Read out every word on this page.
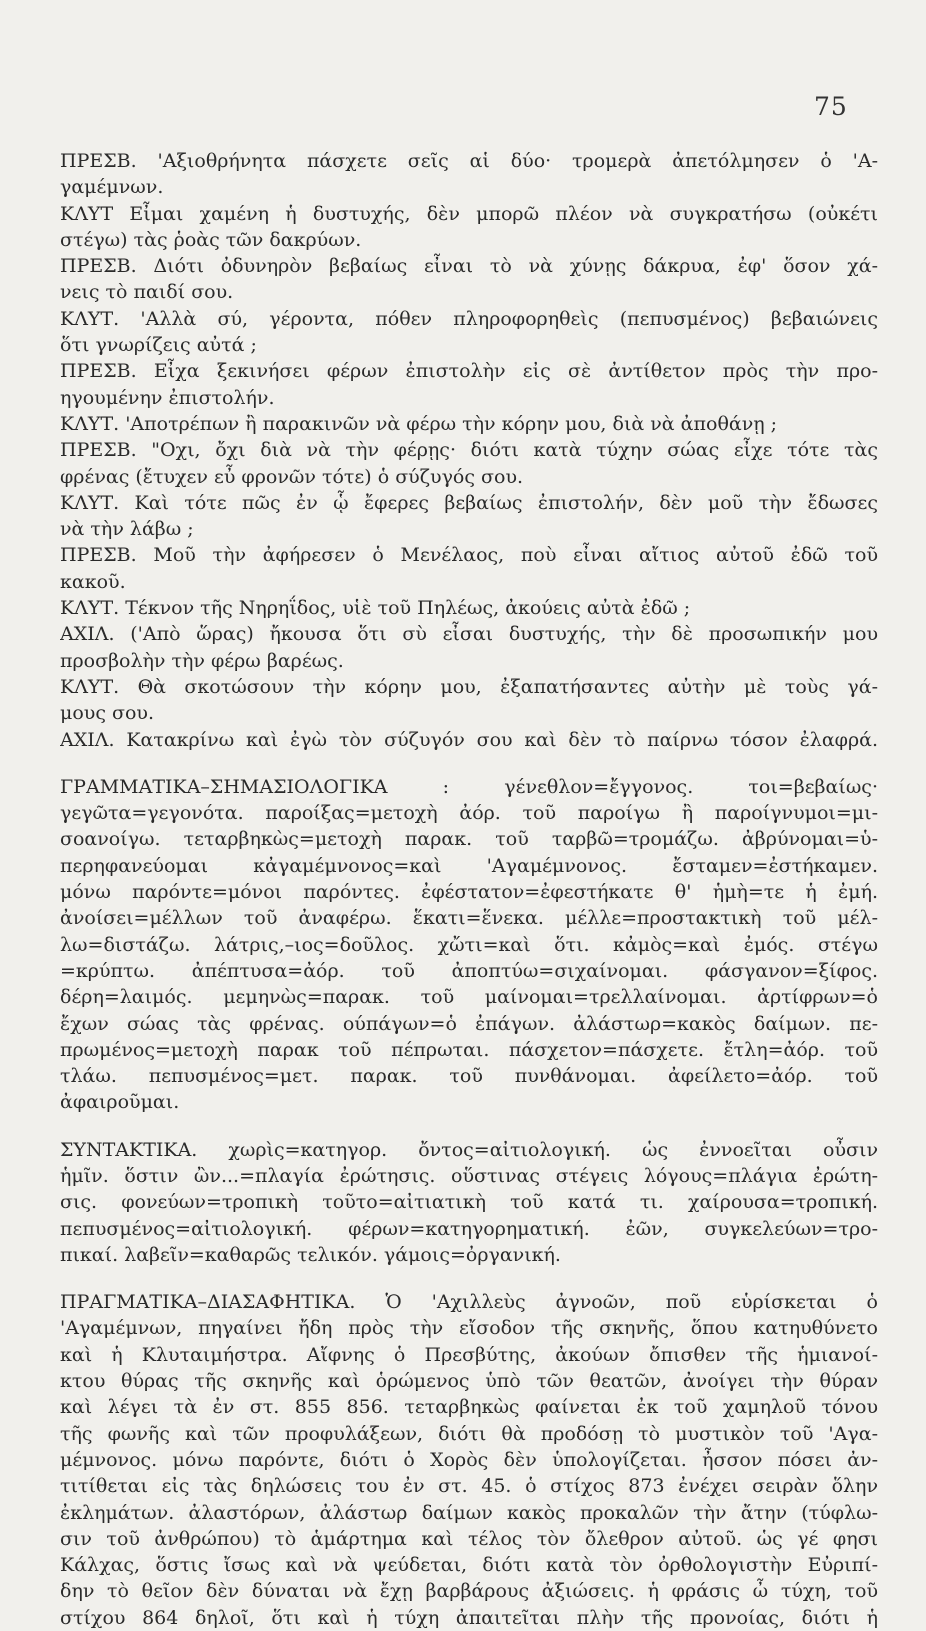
75
ΠΡΕΣΒ. 'Αξιοθρήνητα πάσχετε σεῖς αἱ δύο· τρομερὰ ἀπετόλμησεν ὁ 'Α-
γαμέμνων.
ΚΛΥΤ Εἶμαι χαμένη ἡ δυστυχής, δὲν μπορῶ πλέον νὰ συγκρατήσω (οὐκέτι
στέγω) τὰς ῥοὰς τῶν δακρύων.
ΠΡΕΣΒ. Διότι ὀδυνηρὸν βεβαίως εἶναι τὸ νὰ χύνῃς δάκρυα, ἐφ' ὅσον χά-
νεις τὸ παιδί σου.
ΚΛΥΤ. 'Αλλὰ σύ, γέροντα, πόθεν πληροφορηθεὶς (πεπυσμένος) βεβαιώνεις
ὅτι γνωρίζεις αὐτά ;
ΠΡΕΣΒ. Εἶχα ξεκινήσει φέρων ἐπιστολὴν εἰς σὲ ἀντίθετον πρὸς τὴν προ-
ηγουμένην ἐπιστολήν.
ΚΛΥΤ. 'Αποτρέπων ἢ παρακινῶν νὰ φέρω τὴν κόρην μου, διὰ νὰ ἀποθάνῃ ;
ΠΡΕΣΒ. "Οχι, ὄχι διὰ νὰ τὴν φέρῃς· διότι κατὰ τύχην σώας εἶχε τότε τὰς
φρένας (ἔτυχεν εὖ φρονῶν τότε) ὁ σύζυγός σου.
ΚΛΥΤ. Καὶ τότε πῶς ἐν ᾧ ἔφερες βεβαίως ἐπιστολήν, δὲν μοῦ τὴν ἔδωσες
νὰ τὴν λάβω ;
ΠΡΕΣΒ. Μοῦ τὴν ἀφήρεσεν ὁ Μενέλαος, ποὺ εἶναι αἴτιος αὐτοῦ ἐδῶ τοῦ
κακοῦ.
ΚΛΥΤ. Τέκνον τῆς Νηρηΐδος, υἱὲ τοῦ Πηλέως, ἀκούεις αὐτὰ ἐδῶ ;
ΑΧΙΛ. ('Απὸ ὥρας) ἤκουσα ὅτι σὺ εἶσαι δυστυχής, τὴν δὲ προσωπικήν μου
προσβολὴν τὴν φέρω βαρέως.
ΚΛΥΤ. Θὰ σκοτώσουν τὴν κόρην μου, ἐξαπατήσαντες αὐτὴν μὲ τοὺς γά-
μους σου.
ΑΧΙΛ. Κατακρίνω καὶ ἐγὼ τὸν σύζυγόν σου καὶ δὲν τὸ παίρνω τόσον ἐλαφρά.
ΓΡΑΜΜΑΤΙΚΑ–ΣΗΜΑΣΙΟΛΟΓΙΚΑ : γένεθλον=ἔγγονος. τοι=βεβαίως·
γεγῶτα=γεγονότα. παροίξας=μετοχὴ ἀόρ. τοῦ παροίγω ἢ παροίγνυμοι=μι-
σοανοίγω. τεταρβηκὼς=μετοχὴ παρακ. τοῦ ταρβῶ=τρομάζω. ἀβρύνομαι=ὑ-
περηφανεύομαι κἀγαμέμνονος=καὶ 'Αγαμέμνονος. ἔσταμεν=ἐστήκαμεν.
μόνω παρόντε=μόνοι παρόντες. ἐφέστατον=ἐφεστήκατε θ' ἡμὴ=τε ἡ ἐμή.
ἀνοίσει=μέλλων τοῦ ἀναφέρω. ἕκατι=ἕνεκα. μέλλε=προστακτικὴ τοῦ μέλ-
λω=διστάζω. λάτρις,–ιος=δοῦλος. χὤτι=καὶ ὅτι. κἀμὸς=καὶ ἐμός. στέγω
=κρύπτω. ἀπέπτυσα=ἀόρ. τοῦ ἀποπτύω=σιχαίνομαι. φάσγανον=ξίφος.
δέρη=λαιμός. μεμηνὼς=παρακ. τοῦ μαίνομαι=τρελλαίνομαι. ἀρτίφρων=ὁ
ἔχων σώας τὰς φρένας. ούπάγων=ὁ ἐπάγων. ἀλάστωρ=κακὸς δαίμων. πε-
πρωμένος=μετοχὴ παρακ τοῦ πέπρωται. πάσχετον=πάσχετε. ἔτλη=ἀόρ. τοῦ
τλάω. πεπυσμένος=μετ. παρακ. τοῦ πυνθάνομαι. ἀφείλετο=ἀόρ. τοῦ
ἀφαιροῦμαι.
ΣΥΝΤΑΚΤΙΚΑ. χωρὶς=κατηγορ. ὄντος=αἰτιολογική. ὡς ἐννοεῖται οὖσιν
ἡμῖν. ὅστιν ὢν...=πλαγία ἐρώτησις. οὕστινας στέγεις λόγους=πλάγια ἐρώτη-
σις. φονεύων=τροπικὴ τοῦτο=αἰτιατικὴ τοῦ κατά τι. χαίρουσα=τροπική.
πεπυσμένος=αἰτιολογική. φέρων=κατηγορηματική. ἐῶν, συγκελεύων=τρο-
πικαί. λαβεῖν=καθαρῶς τελικόν. γάμοις=ὀργανική.
ΠΡΑΓΜΑΤΙΚΑ–ΔΙΑΣΑΦΗΤΙΚΑ. Ὁ 'Αχιλλεὺς ἀγνοῶν, ποῦ εὑρίσκεται ὁ
'Αγαμέμνων, πηγαίνει ἤδη πρὸς τὴν εἴσοδον τῆς σκηνῆς, ὅπου κατηυθύνετο
καὶ ἡ Κλυταιμήστρα. Αἴφνης ὁ Πρεσβύτης, ἀκούων ὄπισθεν τῆς ἡμιανοί-
κτου θύρας τῆς σκηνῆς καὶ ὁρώμενος ὑπὸ τῶν θεατῶν, ἀνοίγει τὴν θύραν
καὶ λέγει τὰ ἐν στ. 855 856. τεταρβηκὼς φαίνεται ἐκ τοῦ χαμηλοῦ τόνου
τῆς φωνῆς καὶ τῶν προφυλάξεων, διότι θὰ προδόσῃ τὸ μυστικὸν τοῦ 'Αγα-
μέμνονος. μόνω παρόντε, διότι ὁ Χορὸς δὲν ὑπολογίζεται. ἦσσον πόσει ἀν-
τιτίθεται εἰς τὰς δηλώσεις του ἐν στ. 45. ὁ στίχος 873 ἐνέχει σειρὰν ὅλην
ἐκλημάτων. ἀλαστόρων, ἀλάστωρ δαίμων κακὸς προκαλῶν τὴν ἄτην (τύφλω-
σιν τοῦ ἀνθρώπου) τὸ ἁμάρτημα καὶ τέλος τὸν ὄλεθρον αὐτοῦ. ὡς γέ φησι
Κάλχας, ὅστις ἴσως καὶ νὰ ψεύδεται, διότι κατὰ τὸν ὀρθολογιστὴν Εὐριπί-
δην τὸ θεῖον δὲν δύναται νὰ ἔχῃ βαρβάρους ἀξιώσεις. ἡ φράσις ὦ τύχη, τοῦ
στίχου 864 δηλοῖ, ὅτι καὶ ἡ τύχη ἀπαιτεῖται πλὴν τῆς προνοίας, διότι ἡ
